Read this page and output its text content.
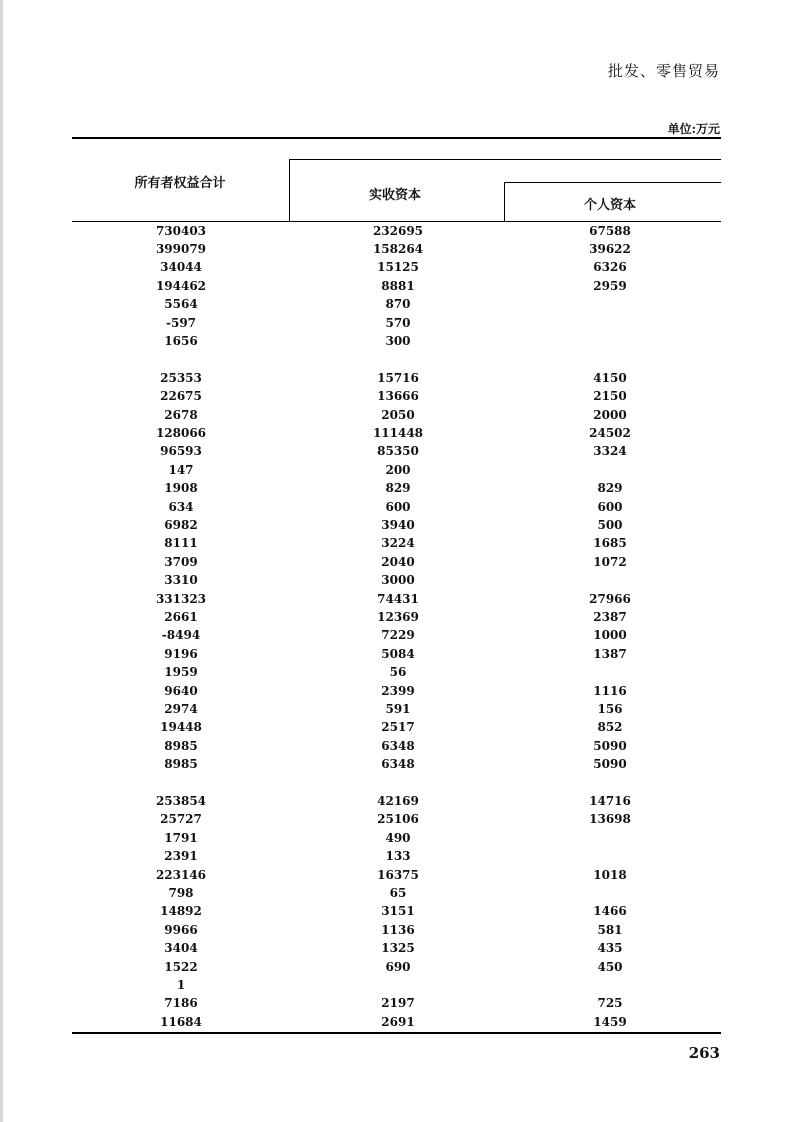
批发、零售贸易
单位:万元
所有者权益合计
实收资本
个人资本
730403	232695	67588
399079	158264	39622
34044	15125	6326
194462	8881	2959
5564	870
-597	570
1656	300
25353	15716	4150
22675	13666	2150
2678	2050	2000
128066	111448	24502
96593	85350	3324
147	200
1908	829	829
634	600	600
6982	3940	500
8111	3224	1685
3709	2040	1072
3310	3000
331323	74431	27966
2661	12369	2387
-8494	7229	1000
9196	5084	1387
1959	56
9640	2399	1116
2974	591	156
19448	2517	852
8985	6348	5090
8985	6348	5090
253854	42169	14716
25727	25106	13698
1791	490
2391	133
223146	16375	1018
798	65
14892	3151	1466
9966	1136	581
3404	1325	435
1522	690	450
1
7186	2197	725
11684	2691	1459
263
